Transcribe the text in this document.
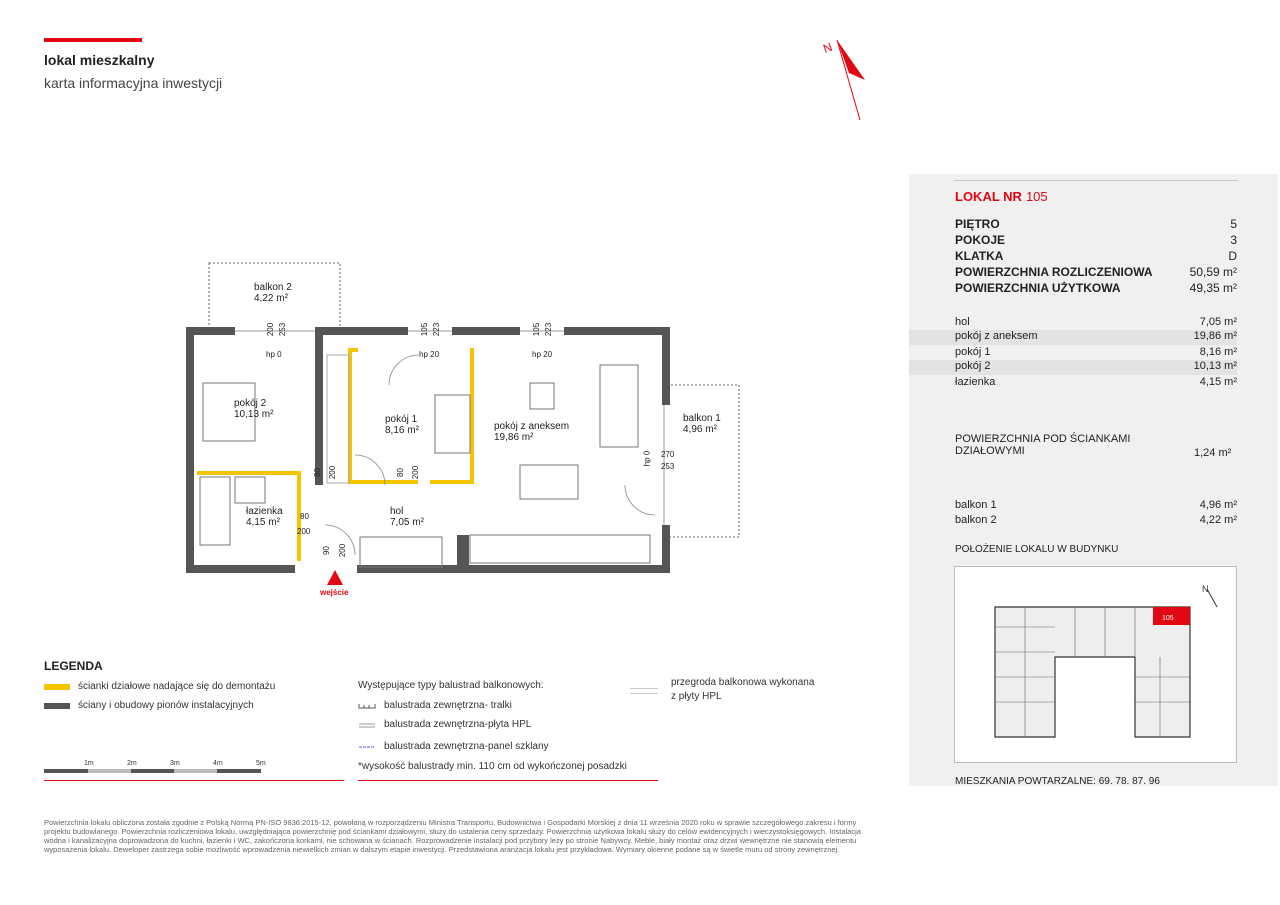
lokal mieszkalny
karta informacyjna inwestycji
N
balkon 2
4,22 m²
pokój 2
10,13 m²	pokój 1
8,16 m²	pokój z aneksem
19,86 m²
balkon 1
4,96 m²
łazienka
4,15 m²
hol
7,05 m²
200 253
hp 0
105 223
hp 20
105 223
hp 20
80 200	80 200
80
200
90 200
hp 0 270
253
wejście
LOKAL NR 105
PIĘTRO	5
POKOJE	3
KLATKA	D
POWIERZCHNIA ROZLICZENIOWA	50,59 m²
POWIERZCHNIA UŻYTKOWA	49,35 m²
hol	7,05 m²
pokój z aneksem	19,86 m²
pokój 1	8,16 m²
pokój 2	10,13 m²
łazienka	4,15 m²
POWIERZCHNIA POD ŚCIANKAMI
DZIAŁOWYMI	1,24 m²
balkon 1	4,96 m²
balkon 2	4,22 m²
POŁOŻENIE LOKALU W BUDYNKU
105
N
MIESZKANIA POWTARZALNE: 69. 78. 87. 96
LEGENDA
ścianki działowe nadające się do demontażu
ściany i obudowy pionów instalacyjnych
Występujące typy balustrad balkonowych:
balustrada zewnętrzna- tralki
balustrada zewnętrzna-płyta HPL
balustrada zewnętrzna-panel szklany
*wysokość balustrady min. 110 cm od wykończonej posadzki
przegroda balkonowa wykonana
z płyty HPL
1m	2m	3m	4m	5m
Powierzchnia lokalu obliczona została zgodnie z Polską Normą PN-ISO 9836:2015-12, powołaną w rozporządzeniu Ministra Transportu, Budownictwa i Gospodarki Morskiej z dnia 11 września 2020 roku w sprawie szczegółowego zakresu i formy projektu budowlanego. Powierzchnia rozliczeniowa lokalu, uwzględniająca powierzchnię pod ściankami działowymi, służy do ustalenia ceny sprzedaży. Powierzchnia użytkowa lokalu służy do celów ewidencyjnych i wieczystoksięgowych. Instalacja wodna i kanalizacyjna doprowadzona do kuchni, łazienki i WC, zakończona korkami, nie schowana w ścianach. Rozprowadzenie instalacji pod przybory leży po stronie Nabywcy. Meble, biały montaż oraz drzwi wewnętrzne nie stanowią elementu wyposażenia lokalu. Deweloper zastrzega sobie możliwość wprowadzenia niewielkich zmian w dalszym etapie inwestycji. Przedstawiona aranżacja lokalu jest przykładowa. Wymiary okienne podane są w świetle muru od strony zewnętrznej.
